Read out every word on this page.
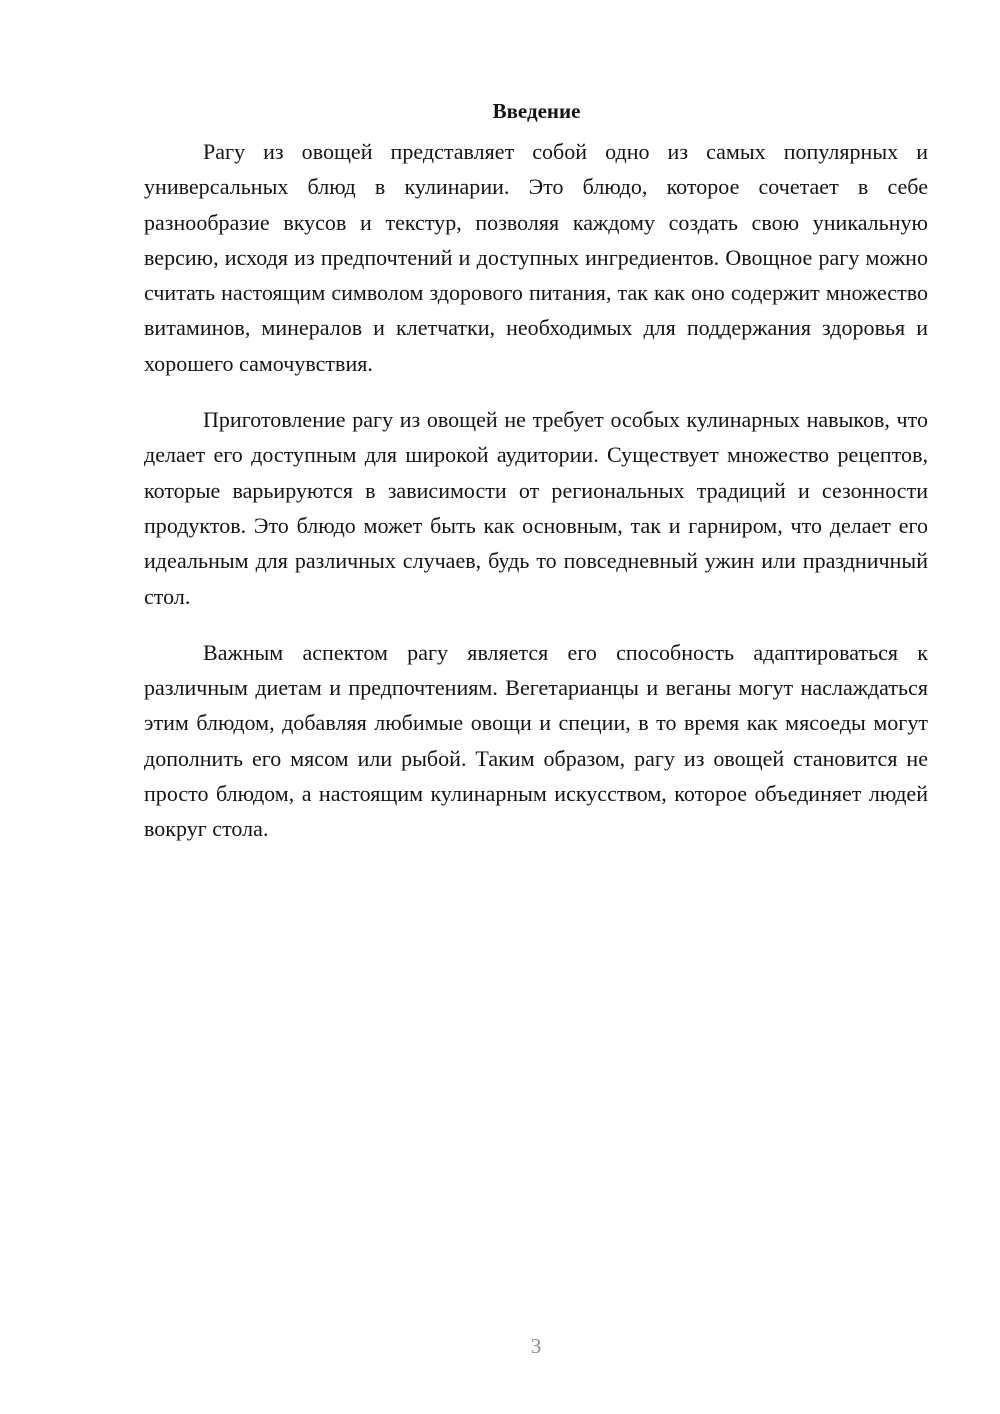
Введение

Рагу из овощей представляет собой одно из самых популярных и универсальных блюд в кулинарии. Это блюдо, которое сочетает в себе разнообразие вкусов и текстур, позволяя каждому создать свою уникальную версию, исходя из предпочтений и доступных ингредиентов. Овощное рагу можно считать настоящим символом здорового питания, так как оно содержит множество витаминов, минералов и клетчатки, необходимых для поддержания здоровья и хорошего самочувствия.

Приготовление рагу из овощей не требует особых кулинарных навыков, что делает его доступным для широкой аудитории. Существует множество рецептов, которые варьируются в зависимости от региональных традиций и сезонности продуктов. Это блюдо может быть как основным, так и гарниром, что делает его идеальным для различных случаев, будь то повседневный ужин или праздничный стол.

Важным аспектом рагу является его способность адаптироваться к различным диетам и предпочтениям. Вегетарианцы и веганы могут наслаждаться этим блюдом, добавляя любимые овощи и специи, в то время как мясоеды могут дополнить его мясом или рыбой. Таким образом, рагу из овощей становится не просто блюдом, а настоящим кулинарным искусством, которое объединяет людей вокруг стола.

3
